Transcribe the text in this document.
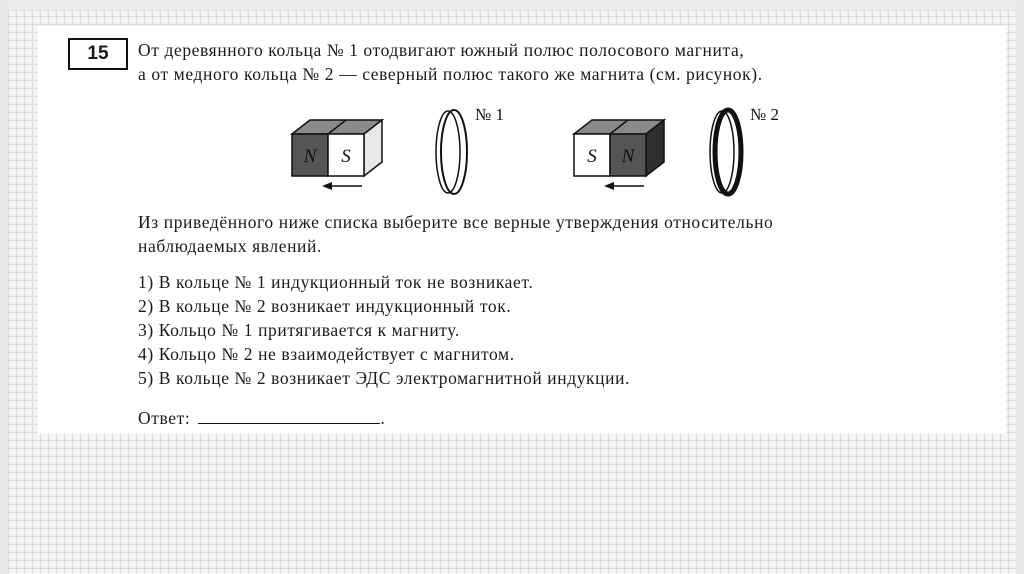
15	От деревянного кольца № 1 отодвигают южный полюс полосового магнита,

а от медного кольца № 2 — северный полюс такого же магнита (см. рисунок).

N S
№ 1
S N
№ 2

Из приведённого ниже списка выберите все верные утверждения относительно

наблюдаемых явлений.

1) В кольце № 1 индукционный ток не возникает.

2) В кольце № 2 возникает индукционный ток.

3) Кольцо № 1 притягивается к магниту.

4) Кольцо № 2 не взаимодействует с магнитом.

5) В кольце № 2 возникает ЭДС электромагнитной индукции.

Ответ:	.
